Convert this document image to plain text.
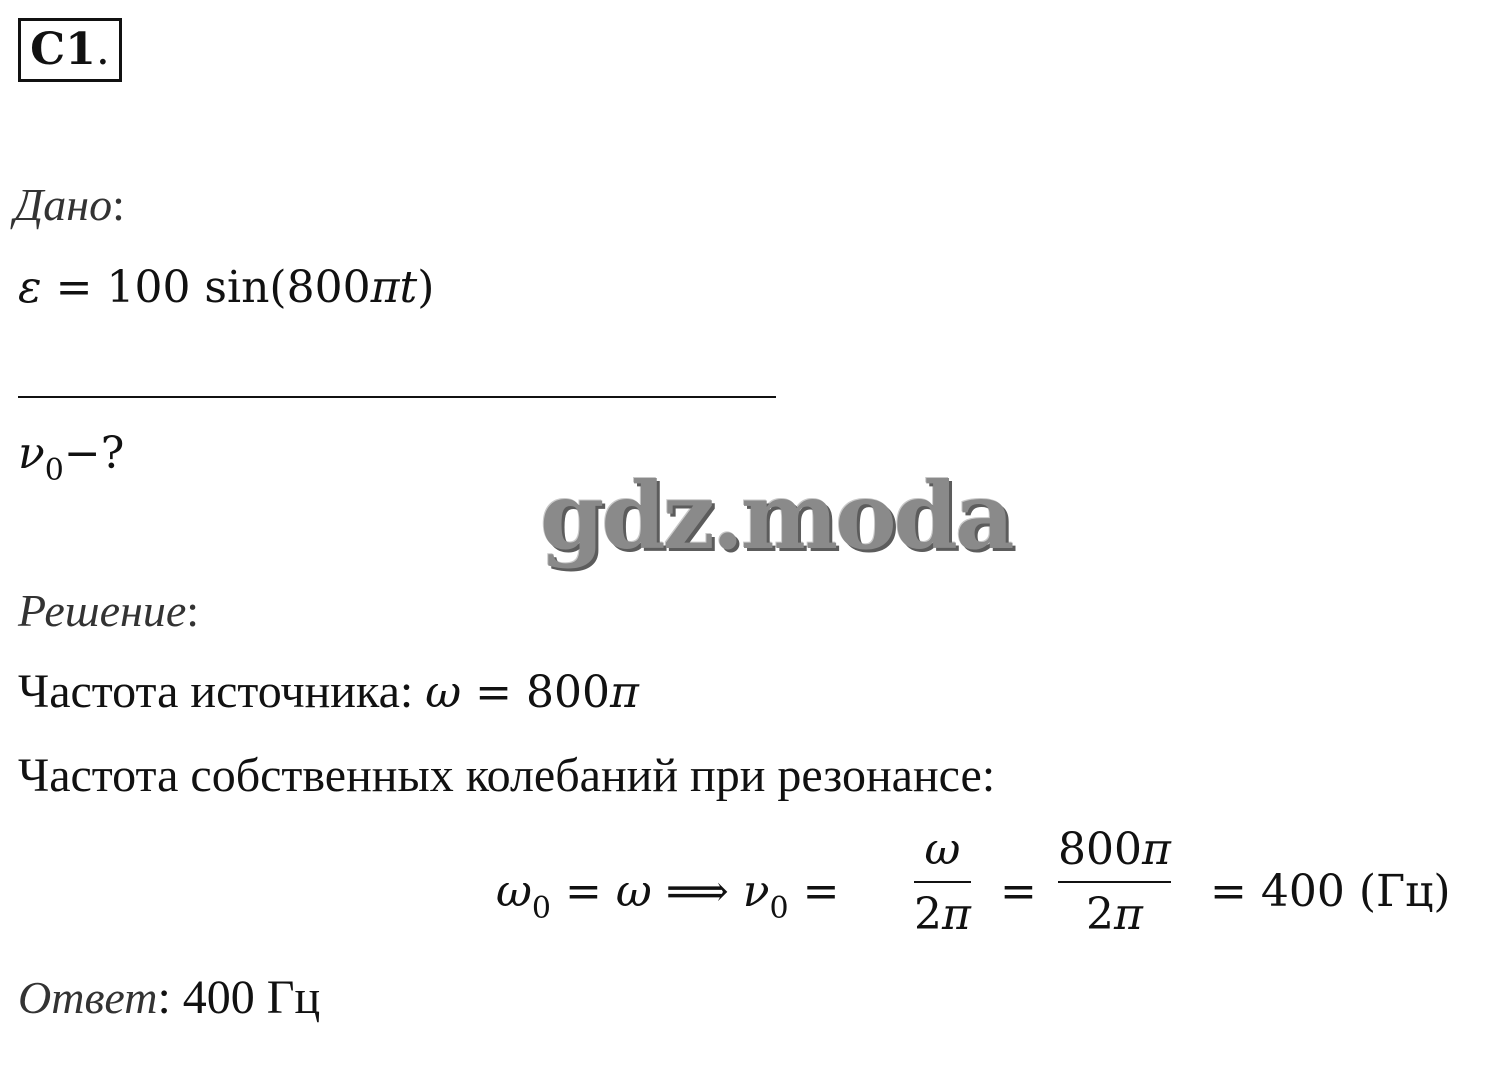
C1 .
Дано:
ε = 100 sin(800πt)
$\nu_0-$?
gdz.moda
Решение:
Частота источника: ω = 800π
Частота собственных колебаний при резонансе:
$\omega_0 = \omega$ ⟹ $\nu_0$ =
ω
2π =
800π
2π = 400 (Гц)
Ответ: 400 Гц
